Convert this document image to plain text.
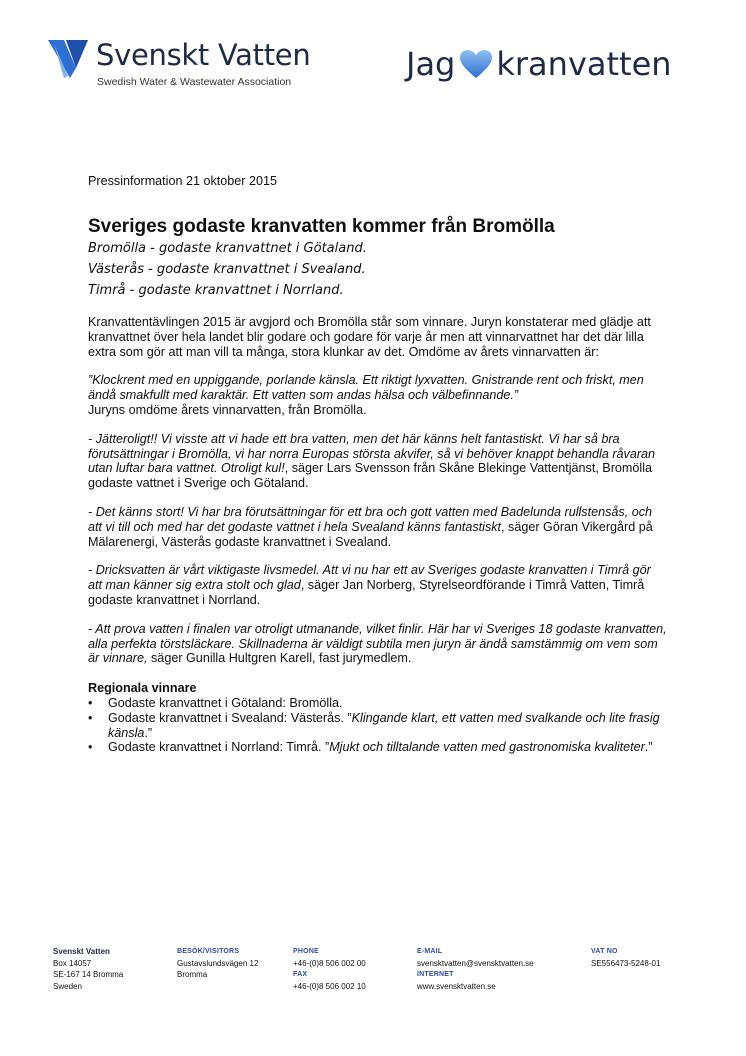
Svenskt Vatten
Swedish Water & Wastewater Association	Jag kranvatten

Pressinformation 21 oktober 2015

Sveriges godaste kranvatten kommer från Bromölla

Bromölla - godaste kranvattnet i Götaland.

Västerås - godaste kranvattnet i Svealand.

Timrå - godaste kranvattnet i Norrland.

Kranvattentävlingen 2015 är avgjord och Bromölla står som vinnare. Juryn konstaterar med glädje att kranvattnet över hela landet blir godare och godare för varje år men att vinnarvattnet har det där lilla extra som gör att man vill ta många, stora klunkar av det. Omdöme av årets vinnarvatten är:

”Klockrent med en uppiggande, porlande känsla. Ett riktigt lyxvatten. Gnistrande rent och friskt, men ändå smakfullt med karaktär. Ett vatten som andas hälsa och välbefinnande.”
Juryns omdöme årets vinnarvatten, från Bromölla.

- Jätteroligt!! Vi visste att vi hade ett bra vatten, men det här känns helt fantastiskt. Vi har så bra förutsättningar i Bromölla, vi har norra Europas största akvifer, så vi behöver knappt behandla råvaran utan luftar bara vattnet. Otroligt kul!, säger Lars Svensson från Skåne Blekinge Vattentjänst, Bromölla godaste vattnet i Sverige och Götaland.

- Det känns stort! Vi har bra förutsättningar för ett bra och gott vatten med Badelunda rullstensås, och att vi till och med har det godaste vattnet i hela Svealand känns fantastiskt, säger Göran Vikergård på Mälarenergi, Västerås godaste kranvattnet i Svealand.

- Dricksvatten är vårt viktigaste livsmedel. Att vi nu har ett av Sveriges godaste kranvatten i Timrå gör att man känner sig extra stolt och glad, säger Jan Norberg, Styrelseordförande i Timrå Vatten, Timrå godaste kranvattnet i Norrland.

- Att prova vatten i finalen var otroligt utmanande, vilket finlir. Här har vi Sveriges 18 godaste kranvatten, alla perfekta törstsläckare. Skillnaderna är väldigt subtila men juryn är ändå samstämmig om vem som är vinnare, säger Gunilla Hultgren Karell, fast jurymedlem.

Regionala vinnare
• Godaste kranvattnet i Götaland: Bromölla.
• Godaste kranvattnet i Svealand: Västerås. ”Klingande klart, ett vatten med svalkande och lite frasig känsla.”
• Godaste kranvattnet i Norrland: Timrå. ”Mjukt och tilltalande vatten med gastronomiska kvaliteter.”
Svenskt Vatten
Box 14057
SE-167 14 Bromma
Sweden
BESÖK/VISITORS
Gustavslundsvägen 12
Bromma
PHONE
+46-(0)8 506 002 00
FAX
+46-(0)8 506 002 10
E-MAIL
svensktvatten@svensktvatten.se
INTERNET
www.svensktvatten.se
VAT NO
SE556473-5248-01
